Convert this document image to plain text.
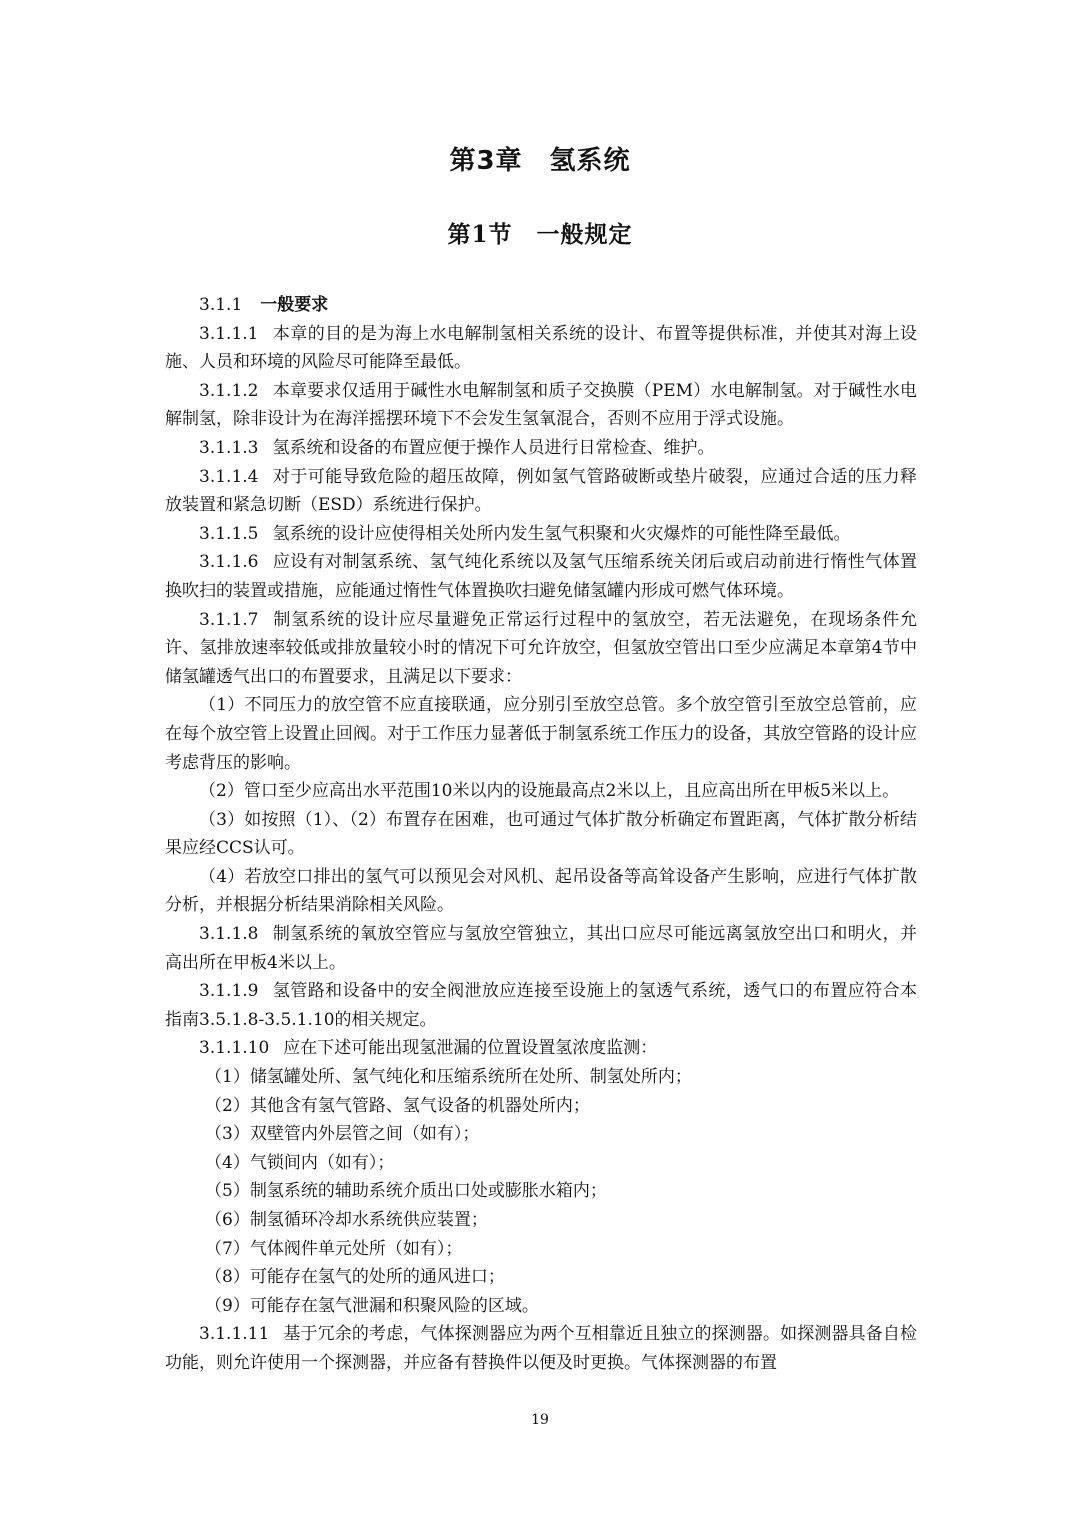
第3章　氢系统
第1节　一般规定

3.1.1 一般要求

3.1.1.1 本章的目的是为海上水电解制氢相关系统的设计、布置等提供标准，并使其对海上设施、人员和环境的风险尽可能降至最低。

3.1.1.2 本章要求仅适用于碱性水电解制氢和质子交换膜（PEM）水电解制氢。对于碱性水电解制氢，除非设计为在海洋摇摆环境下不会发生氢氧混合，否则不应用于浮式设施。

3.1.1.3 氢系统和设备的布置应便于操作人员进行日常检查、维护。

3.1.1.4 对于可能导致危险的超压故障，例如氢气管路破断或垫片破裂，应通过合适的压力释放装置和紧急切断（ESD）系统进行保护。

3.1.1.5 氢系统的设计应使得相关处所内发生氢气积聚和火灾爆炸的可能性降至最低。

3.1.1.6 应设有对制氢系统、氢气纯化系统以及氢气压缩系统关闭后或启动前进行惰性气体置换吹扫的装置或措施，应能通过惰性气体置换吹扫避免储氢罐内形成可燃气体环境。

3.1.1.7 制氢系统的设计应尽量避免正常运行过程中的氢放空，若无法避免，在现场条件允许、氢排放速率较低或排放量较小时的情况下可允许放空，但氢放空管出口至少应满足本章第4节中储氢罐透气出口的布置要求，且满足以下要求：

（1）不同压力的放空管不应直接联通，应分别引至放空总管。多个放空管引至放空总管前，应在每个放空管上设置止回阀。对于工作压力显著低于制氢系统工作压力的设备，其放空管路的设计应考虑背压的影响。

（2）管口至少应高出水平范围10米以内的设施最高点2米以上，且应高出所在甲板5米以上。

（3）如按照（1）、（2）布置存在困难，也可通过气体扩散分析确定布置距离，气体扩散分析结果应经CCS认可。

（4）若放空口排出的氢气可以预见会对风机、起吊设备等高耸设备产生影响，应进行气体扩散分析，并根据分析结果消除相关风险。

3.1.1.8 制氢系统的氧放空管应与氢放空管独立，其出口应尽可能远离氢放空出口和明火，并高出所在甲板4米以上。

3.1.1.9 氢管路和设备中的安全阀泄放应连接至设施上的氢透气系统，透气口的布置应符合本指南3.5.1.8-3.5.1.10的相关规定。

3.1.1.10 应在下述可能出现氢泄漏的位置设置氢浓度监测：

（1）储氢罐处所、氢气纯化和压缩系统所在处所、制氢处所内；

（2）其他含有氢气管路、氢气设备的机器处所内；

（3）双壁管内外层管之间（如有）；

（4）气锁间内（如有）；

（5）制氢系统的辅助系统介质出口处或膨胀水箱内；

（6）制氢循环冷却水系统供应装置；

（7）气体阀件单元处所（如有）；

（8）可能存在氢气的处所的通风进口；

（9）可能存在氢气泄漏和积聚风险的区域。

3.1.1.11 基于冗余的考虑，气体探测器应为两个互相靠近且独立的探测器。如探测器具备自检功能，则允许使用一个探测器，并应备有替换件以便及时更换。气体探测器的布置

19
